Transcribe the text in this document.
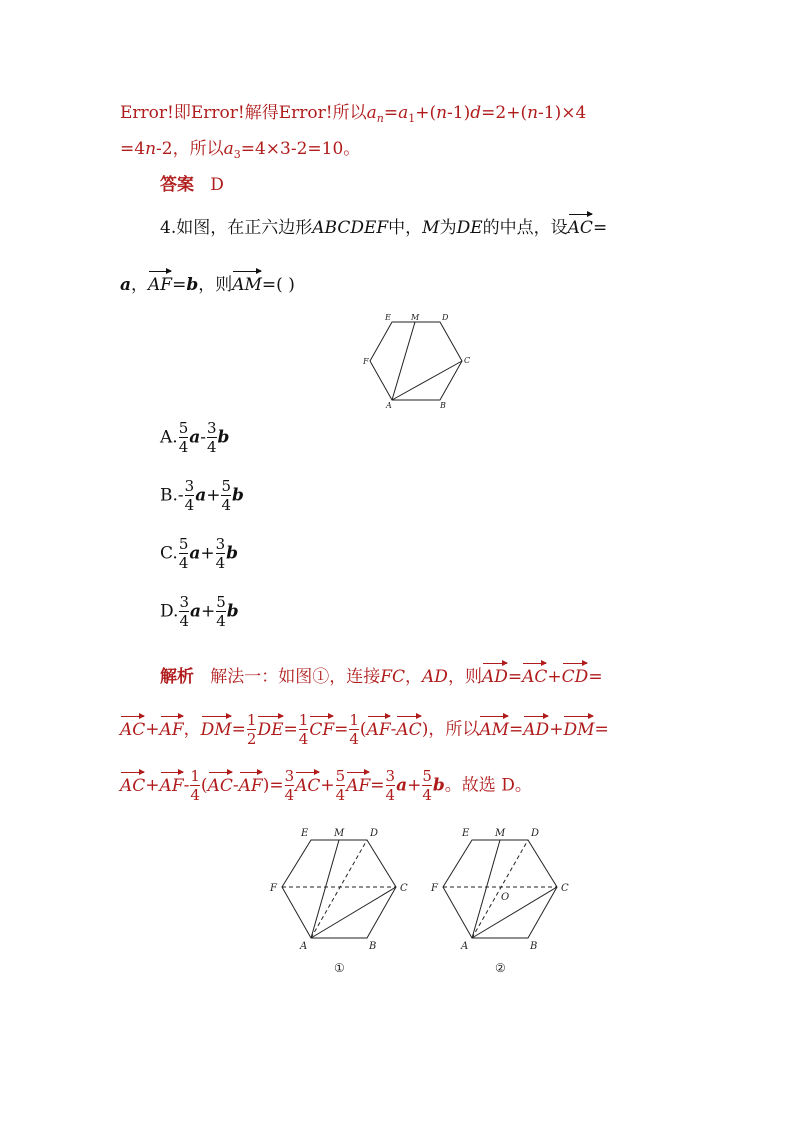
Error!即Error!解得Error!所以$a_n=a_1+(n-1)d=2+(n-1)\times 4$
=4n-2，所以$a_3=4\times 3-2=10$。
答案 D
4.如图，在正六边形ABCDEF中，M为DE的中点，设AC=
a，AF=b，则AM=( )
E	M	D
F	C
A	B
E	M	D
F	C
A	B
E	M	D
F	C
O
A	B
①	②
A. $\frac{5}{4} a- \frac{3}{4}$ b
$B.- \frac{3}{4} a+ \frac{5}{4}$ b
C. $\frac{5}{4} a+ \frac{3}{4}$ b
D. $\frac{3}{4} a+ \frac{5}{4}$ b
解析 解法一：如图①，连接FC，AD，则AD=AC+CD=
AC+AF，$DM= \frac{1}{2} DE= \frac{1}{4} CF= \frac{1}{4} (AF-AC)$，所以AM=AD+DM=
$AC+AF- \frac{1}{4} (AC-AF)= \frac{3}{4} AC+ \frac{5}{4} AF= \frac{3}{4} a+ \frac{5}{4}$ b。故选 D。
